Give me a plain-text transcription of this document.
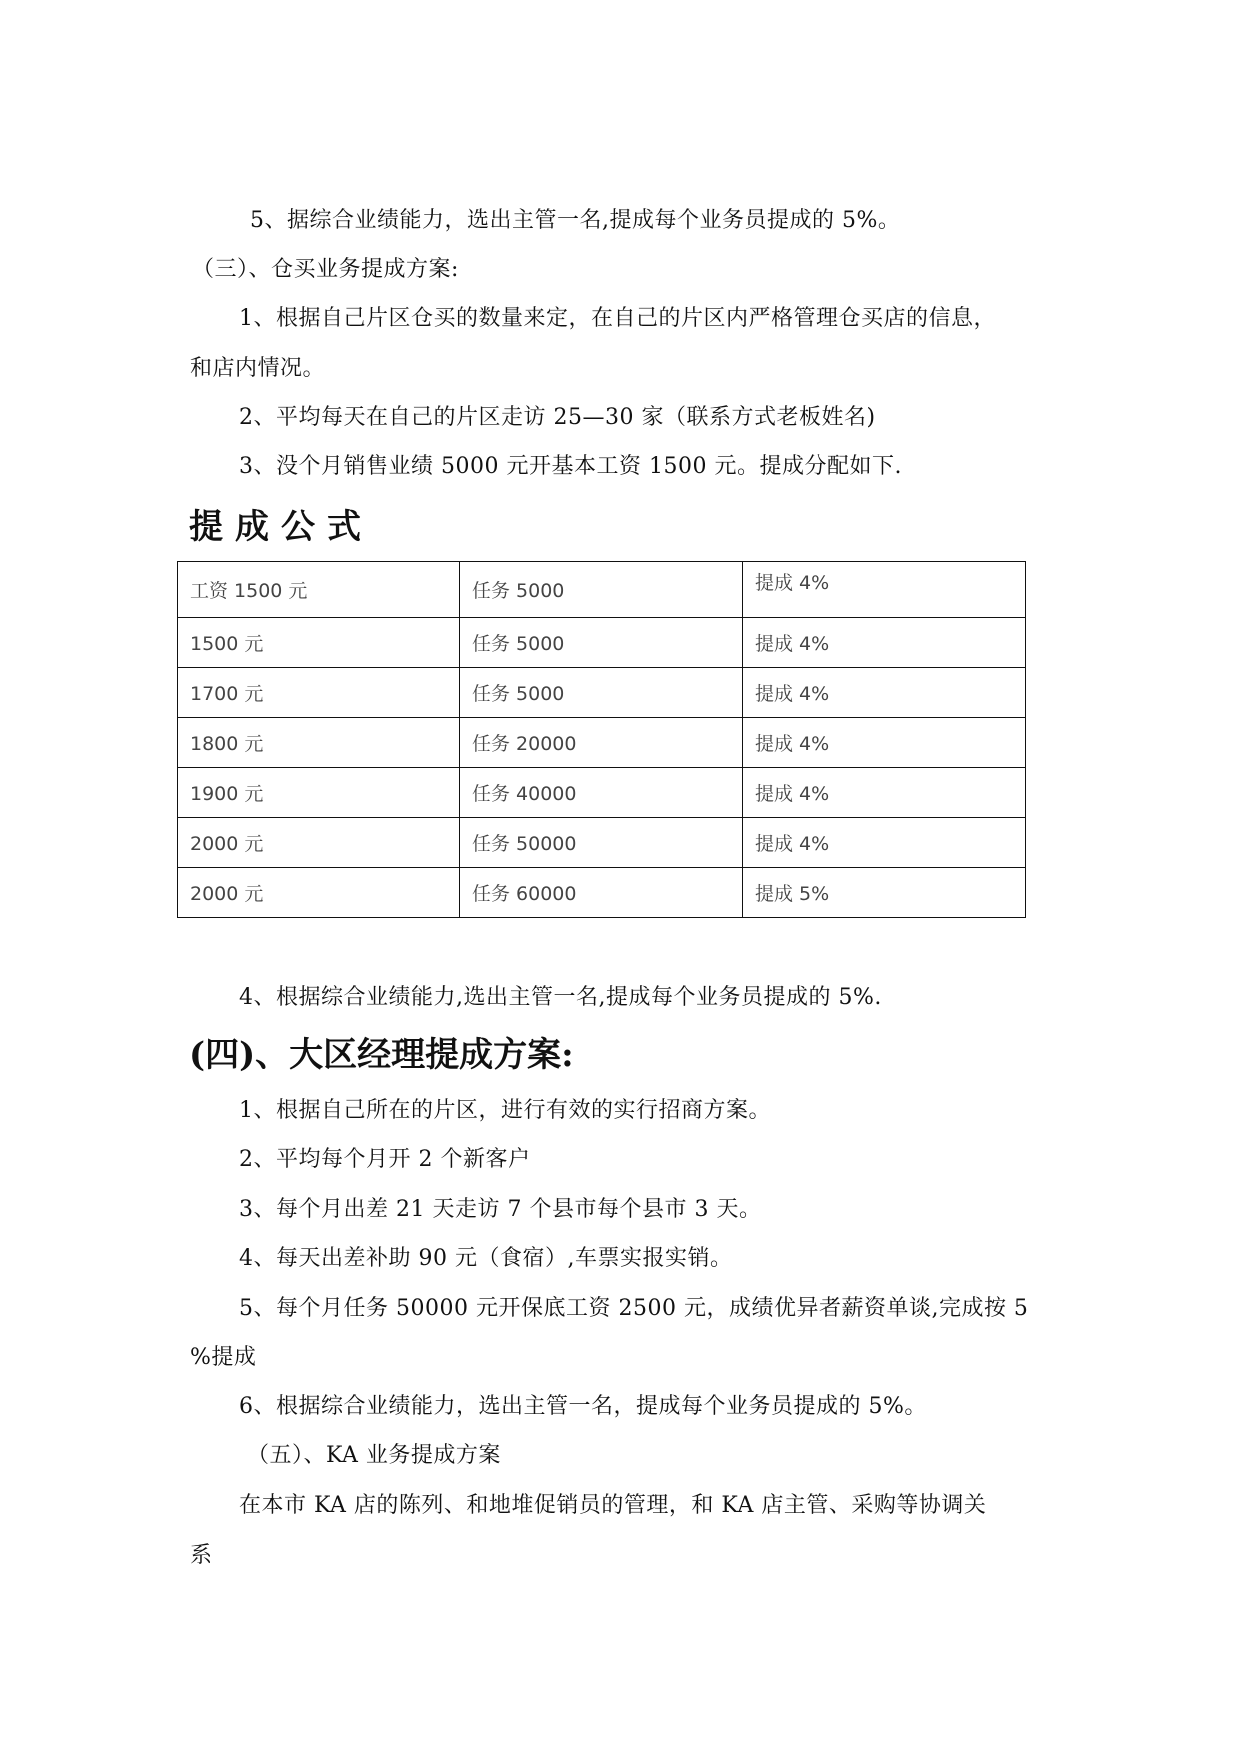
5、据综合业绩能力，选出主管一名,提成每个业务员提成的 5%。
（三）、仓买业务提成方案:
1、根据自己片区仓买的数量来定，在自己的片区内严格管理仓买店的信息，
和店内情况。
2、平均每天在自己的片区走访 25—30 家（联系方式老板姓名)
3、没个月销售业绩 5000 元开基本工资 1500 元。提成分配如下.
提成公式
工资 1500 元	任务 5000	提成 4%
1500 元	任务 5000	提成 4%
1700 元	任务 5000	提成 4%
1800 元	任务 20000	提成 4%
1900 元	任务 40000	提成 4%
2000 元	任务 50000	提成 4%
2000 元	任务 60000	提成 5%
4、根据综合业绩能力,选出主管一名,提成每个业务员提成的 5%.
(四)、大区经理提成方案:
1、根据自己所在的片区，进行有效的实行招商方案。
2、平均每个月开 2 个新客户
3、每个月出差 21 天走访 7 个县市每个县市 3 天。
4、每天出差补助 90 元（食宿）,车票实报实销。
5、每个月任务 50000 元开保底工资 2500 元，成绩优异者薪资单谈,完成按 5
%提成
6、根据综合业绩能力，选出主管一名，提成每个业务员提成的 5%。
（五）、KA 业务提成方案
在本市 KA 店的陈列、和地堆促销员的管理，和 KA 店主管、采购等协调关
系
